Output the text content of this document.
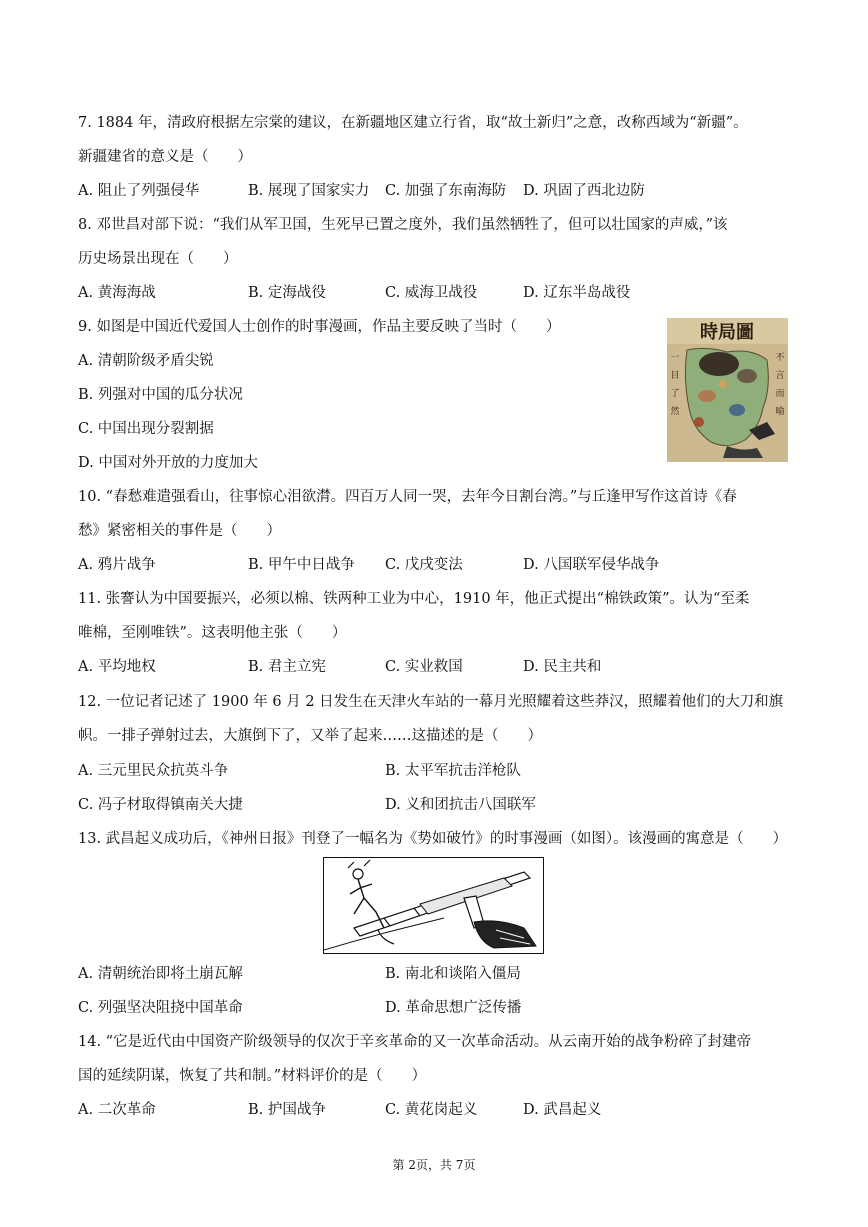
7. 1884 年，清政府根据左宗棠的建议，在新疆地区建立行省，取“故土新归”之意，改称西域为“新疆”。
新疆建省的意义是（　　）
A. 阻止了列强侵华	B. 展现了国家实力 C. 加强了东南海防 D. 巩固了西北边防
8. 邓世昌对部下说：“我们从军卫国，生死早已置之度外，我们虽然牺牲了，但可以壮国家的声威，”该
历史场景出现在（　　）
A. 黄海海战	B. 定海战役	C. 威海卫战役	D. 辽东半岛战役
9. 如图是中国近代爱国人士创作的时事漫画，作品主要反映了当时（　　）
A. 清朝阶级矛盾尖锐
B. 列强对中国的瓜分状况
C. 中国出现分裂割据
D. 中国对外开放的力度加大
時局圖
不
言
而
喻
一
目
了
然
10. “春愁难遣强看山，往事惊心泪欲潸。四百万人同一哭，去年今日割台湾。”与丘逢甲写作这首诗《春
愁》紧密相关的事件是（　　）
A. 鸦片战争	B. 甲午中日战争 C. 戊戌变法	D. 八国联军侵华战争
11. 张謇认为中国要振兴，必须以棉、铁两种工业为中心，1910 年，他正式提出“棉铁政策”。认为“至柔
唯棉，至刚唯铁”。这表明他主张（　　）
A. 平均地权	B. 君主立宪	C. 实业救国	D. 民主共和
12. 一位记者记述了 1900 年 6 月 2 日发生在天津火车站的一幕月光照耀着这些莽汉，照耀着他们的大刀和旗
帜。一排子弹射过去，大旗倒下了，又举了起来……这描述的是（　　）
A. 三元里民众抗英斗争	B. 太平军抗击洋枪队
C. 冯子材取得镇南关大捷	D. 义和团抗击八国联军
13. 武昌起义成功后，《神州日报》刊登了一幅名为《势如破竹》的时事漫画（如图）。该漫画的寓意是（　　）
A. 清朝统治即将土崩瓦解	B. 南北和谈陷入僵局
C. 列强坚决阻挠中国革命	D. 革命思想广泛传播
14. “它是近代由中国资产阶级领导的仅次于辛亥革命的又一次革命活动。从云南开始的战争粉碎了封建帝
国的延续阴谋，恢复了共和制。”材料评价的是（　　）
A. 二次革命	B. 护国战争	C. 黄花岗起义	D. 武昌起义
第 2页，共 7页
